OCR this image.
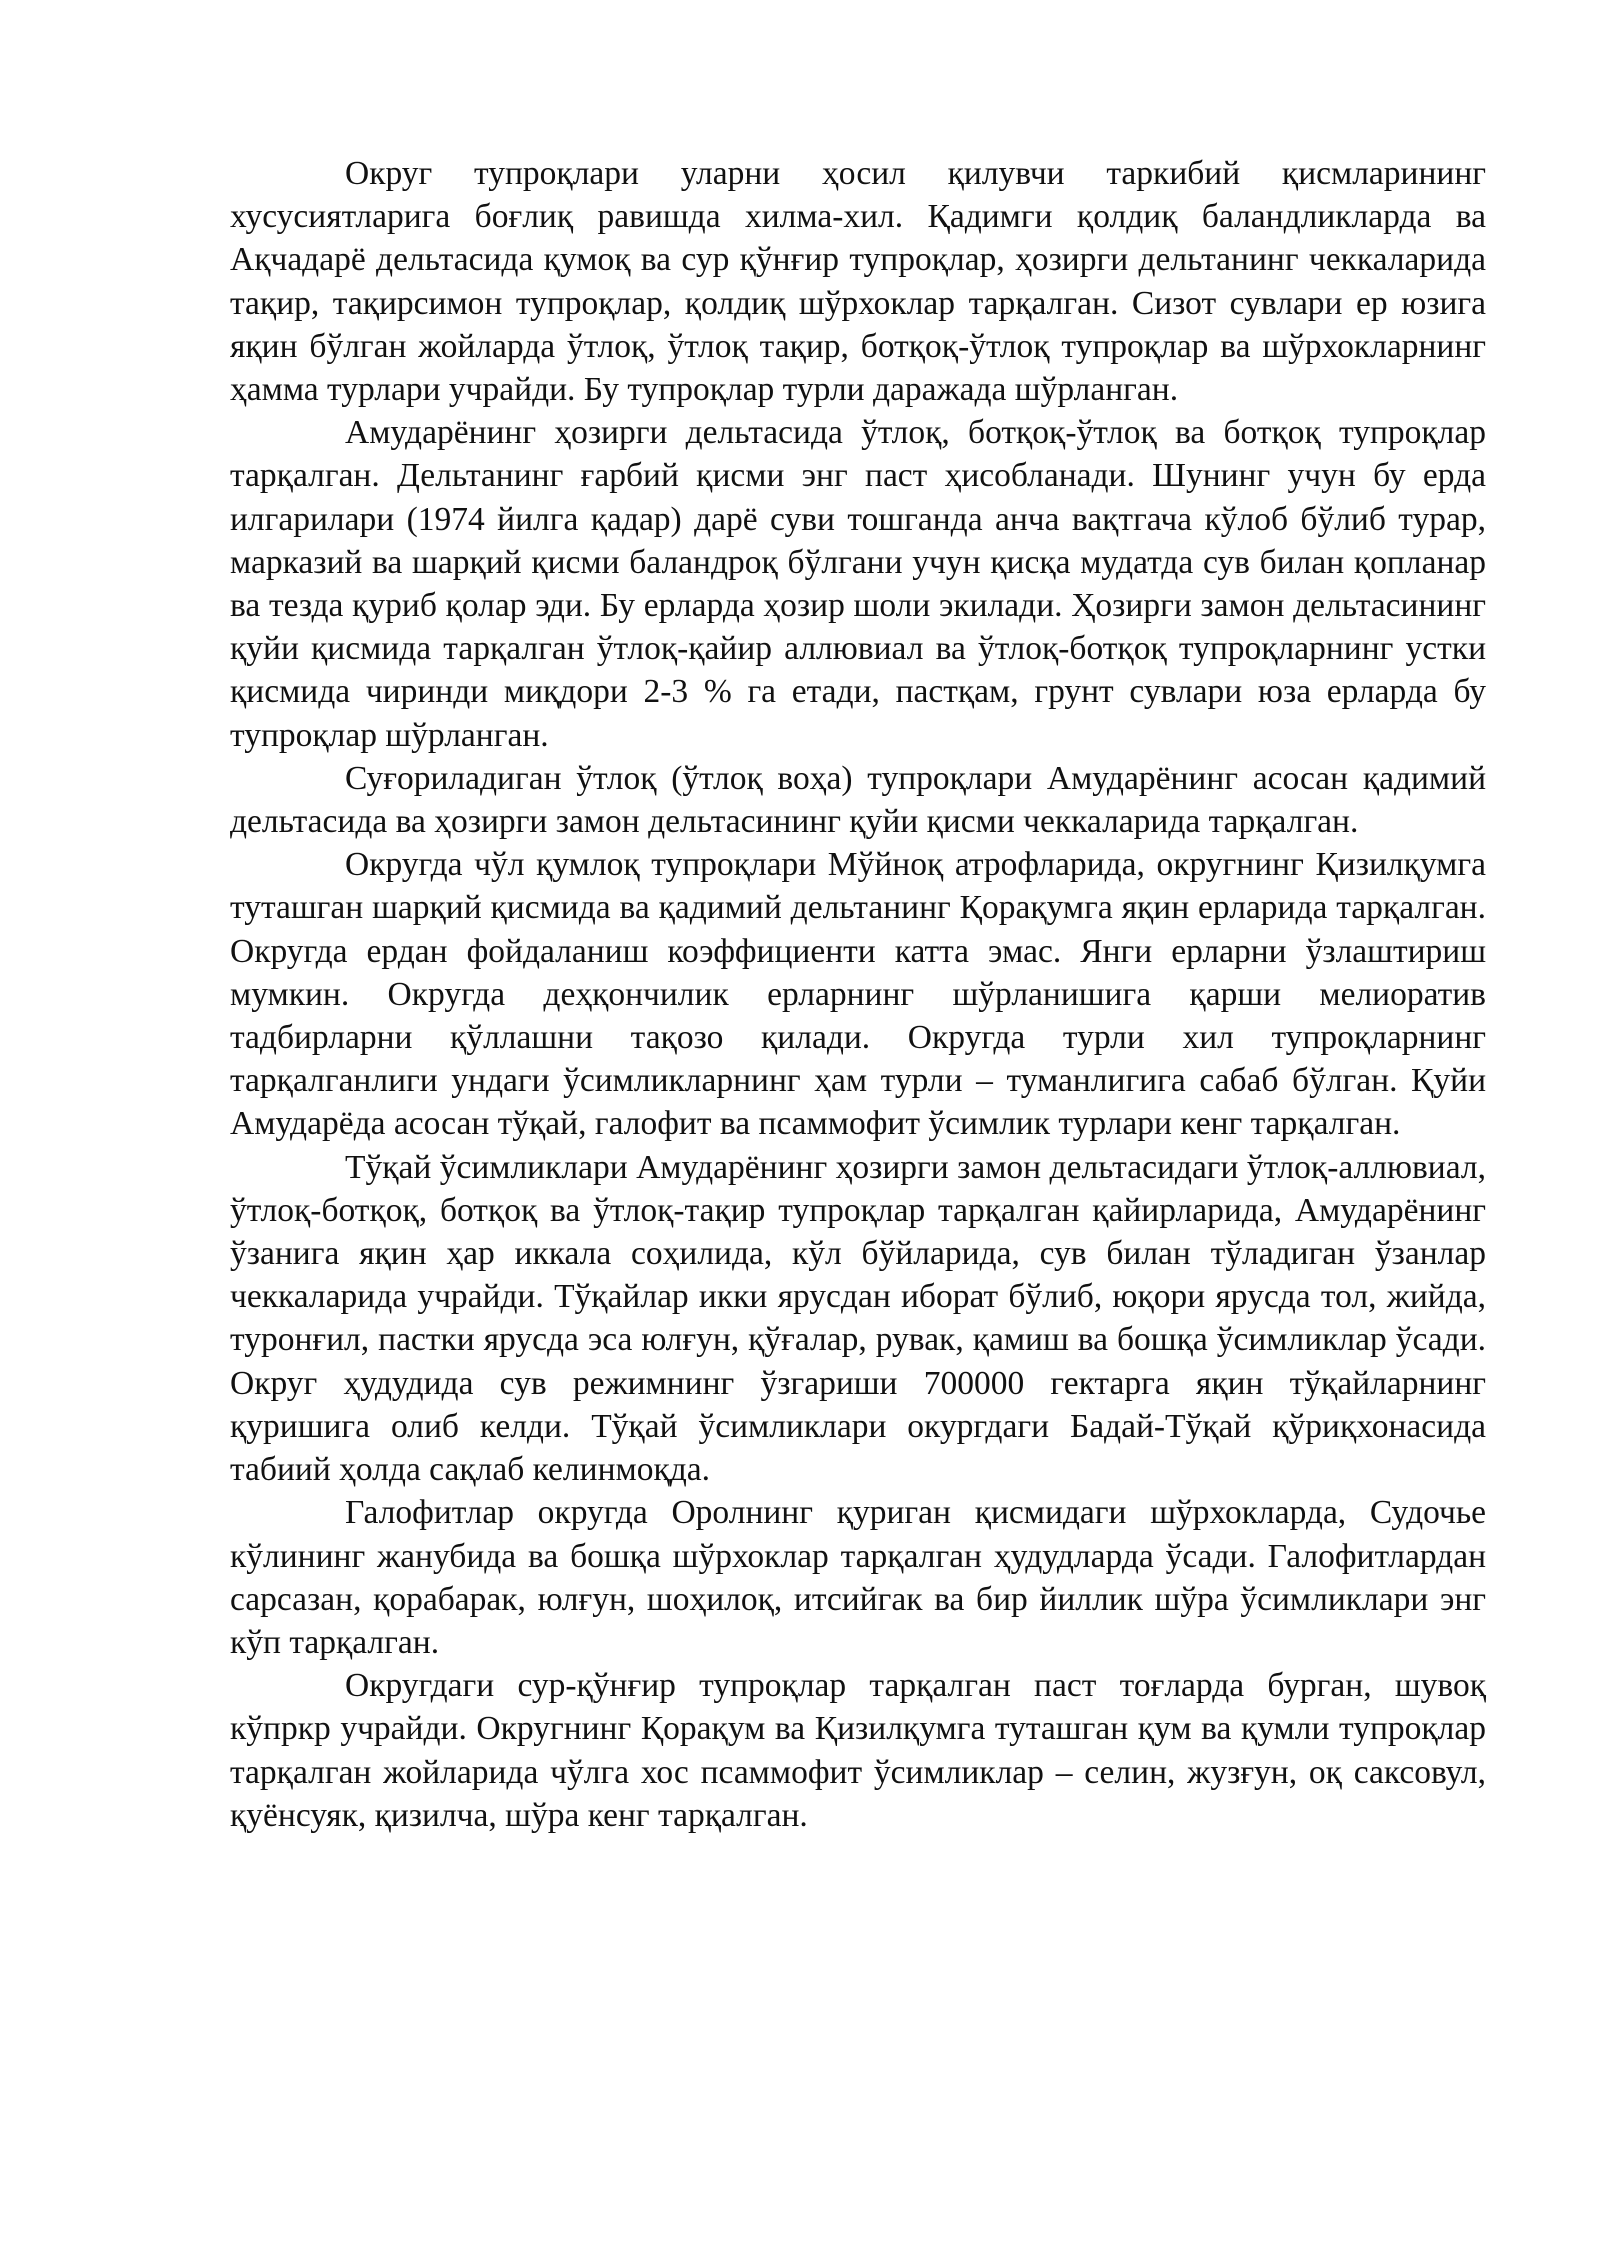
Округ тупроқлари уларни ҳосил қилувчи таркибий қисмларининг хусусиятларига боғлиқ равишда хилма-хил. Қадимги қолдиқ баландликларда ва Ақчадарё дельтасида қумоқ ва сур қўнғир тупроқлар, ҳозирги дельтанинг чеккаларида тақир, тақирсимон тупроқлар, қолдиқ шўрхоклар тарқалган. Сизот сувлари ер юзига яқин бўлган жойларда ўтлоқ, ўтлоқ тақир, ботқоқ-ўтлоқ тупроқлар ва шўрхокларнинг ҳамма турлари учрайди. Бу тупроқлар турли даражада шўрланган.

Амударёнинг ҳозирги дельтасида ўтлоқ, ботқоқ-ўтлоқ ва ботқоқ тупроқлар тарқалган. Дельтанинг ғарбий қисми энг паст ҳисобланади. Шунинг учун бу ерда илгарилари (1974 йилга қадар) дарё суви тошганда анча вақтгача кўлоб бўлиб турар, марказий ва шарқий қисми баландроқ бўлгани учун қисқа мудатда сув билан қопланар ва тезда қуриб қолар эди. Бу ерларда ҳозир шоли экилади. Ҳозирги замон дельтасининг қуйи қисмида тарқалган ўтлоқ-қайир аллювиал ва ўтлоқ-ботқоқ тупроқларнинг устки қисмида чиринди миқдори 2-3 % га етади, пастқам, грунт сувлари юза ерларда бу тупроқлар шўрланган.

Суғориладиган ўтлоқ (ўтлоқ воҳа) тупроқлари Амударёнинг асосан қадимий дельтасида ва ҳозирги замон дельтасининг қуйи қисми чеккаларида тарқалган.

Округда чўл қумлоқ тупроқлари Мўйноқ атрофларида, округнинг Қизилқумга туташган шарқий қисмида ва қадимий дельтанинг Қорақумга яқин ерларида тарқалган. Округда ердан фойдаланиш коэффициенти катта эмас. Янги ерларни ўзлаштириш мумкин. Округда деҳқончилик ерларнинг шўрланишига қарши мелиоратив тадбирларни қўллашни тақозо қилади. Округда турли хил тупроқларнинг тарқалганлиги ундаги ўсимликларнинг ҳам турли – туманлигига сабаб бўлган. Қуйи Амударёда асосан тўқай, галофит ва псаммофит ўсимлик турлари кенг тарқалган.

Тўқай ўсимликлари Амударёнинг ҳозирги замон дельтасидаги ўтлоқ-аллювиал, ўтлоқ-ботқоқ, ботқоқ ва ўтлоқ-тақир тупроқлар тарқалган қайирларида, Амударёнинг ўзанига яқин ҳар иккала соҳилида, кўл бўйларида, сув билан тўладиган ўзанлар чеккаларида учрайди. Тўқайлар икки ярусдан иборат бўлиб, юқори ярусда тол, жийда, туронғил, пастки ярусда эса юлғун, қўғалар, рувак, қамиш ва бошқа ўсимликлар ўсади. Округ ҳудудида сув режимнинг ўзгариши 700000 гектарга яқин тўқайларнинг қуришига олиб келди. Тўқай ўсимликлари окургдаги Бадай-Тўқай қўриқхонасида табиий ҳолда сақлаб келинмоқда.

Галофитлар округда Оролнинг қуриган қисмидаги шўрхокларда, Судочье кўлининг жанубида ва бошқа шўрхоклар тарқалган ҳудудларда ўсади. Галофитлардан сарсазан, қорабарак, юлғун, шоҳилоқ, итсийгак ва бир йиллик шўра ўсимликлари энг кўп тарқалган.

Округдаги сур-қўнғир тупроқлар тарқалган паст тоғларда бурган, шувоқ кўпркр учрайди. Округнинг Қорақум ва Қизилқумга туташган қум ва қумли тупроқлар тарқалган жойларида чўлга хос псаммофит ўсимликлар – селин, жузғун, оқ саксовул, қуёнсуяк, қизилча, шўра кенг тарқалган.
